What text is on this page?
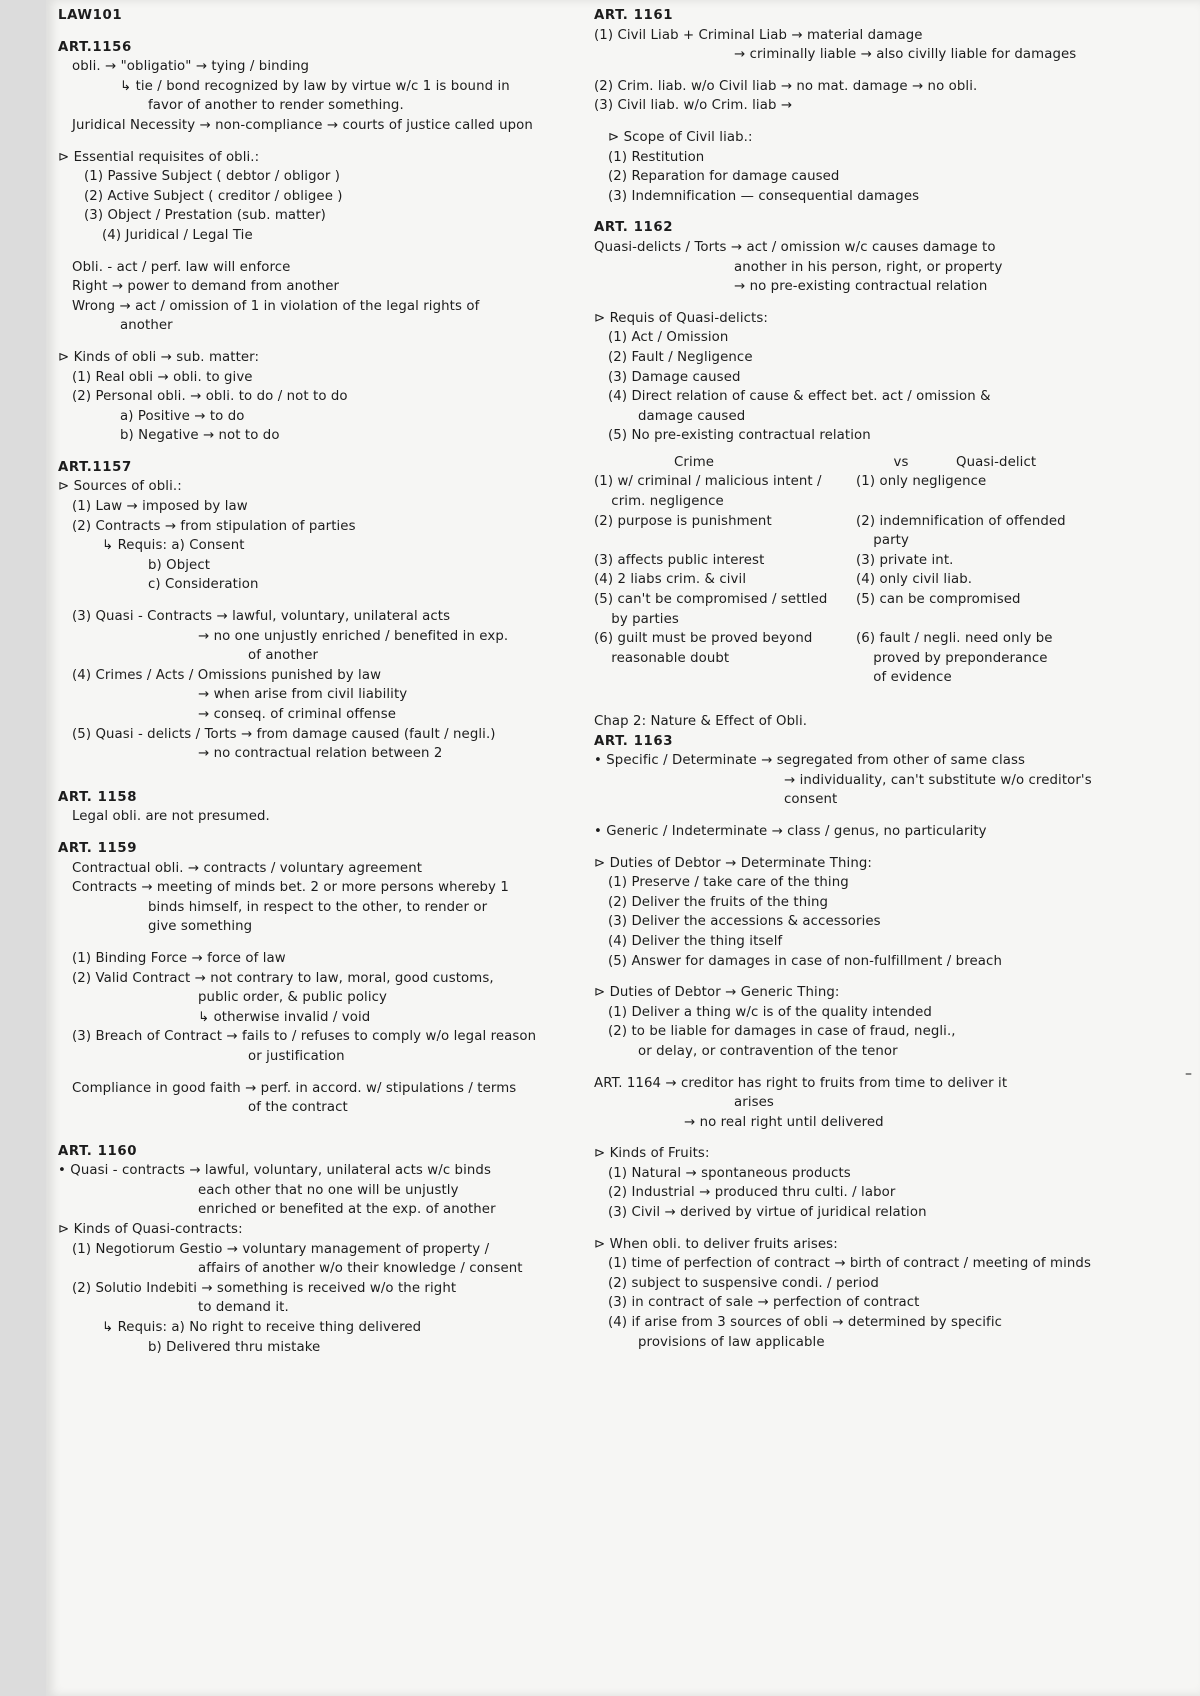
LAW101
ART.1156
obli. → "obligatio" → tying / binding
↳ tie / bond recognized by law by virtue w/c 1 is bound in
favor of another to render something.
Juridical Necessity → non-compliance → courts of justice called upon
⊳ Essential requisites of obli.:
(1) Passive Subject ( debtor / obligor )
(2) Active Subject ( creditor / obligee )
(3) Object / Prestation (sub. matter)
(4) Juridical / Legal Tie
Obli. - act / perf. law will enforce
Right → power to demand from another
Wrong → act / omission of 1 in violation of the legal rights of
another
⊳ Kinds of obli → sub. matter:
(1) Real obli → obli. to give
(2) Personal obli. → obli. to do / not to do
a) Positive → to do
b) Negative → not to do
ART.1157
⊳ Sources of obli.:
(1) Law → imposed by law
(2) Contracts → from stipulation of parties
↳ Requis: a) Consent
b) Object
c) Consideration
(3) Quasi - Contracts → lawful, voluntary, unilateral acts
→ no one unjustly enriched / benefited in exp.
of another
(4) Crimes / Acts / Omissions punished by law
→ when arise from civil liability
→ conseq. of criminal offense
(5) Quasi - delicts / Torts → from damage caused (fault / negli.)
→ no contractual relation between 2
ART. 1158
Legal obli. are not presumed.
ART. 1159
Contractual obli. → contracts / voluntary agreement
Contracts → meeting of minds bet. 2 or more persons whereby 1
binds himself, in respect to the other, to render or
give something
(1) Binding Force → force of law
(2) Valid Contract → not contrary to law, moral, good customs,
public order, & public policy
↳ otherwise invalid / void
(3) Breach of Contract → fails to / refuses to comply w/o legal reason
or justification
Compliance in good faith → perf. in accord. w/ stipulations / terms
of the contract
ART. 1160
• Quasi - contracts → lawful, voluntary, unilateral acts w/c binds
each other that no one will be unjustly
enriched or benefited at the exp. of another
⊳ Kinds of Quasi-contracts:
(1) Negotiorum Gestio → voluntary management of property /
affairs of another w/o their knowledge / consent
(2) Solutio Indebiti → something is received w/o the right
to demand it.
↳ Requis: a) No right to receive thing delivered
b) Delivered thru mistake
ART. 1161
(1) Civil Liab + Criminal Liab → material damage
→ criminally liable → also civilly liable for damages
(2) Crim. liab. w/o Civil liab → no mat. damage → no obli.
(3) Civil liab. w/o Crim. liab →
⊳ Scope of Civil liab.:
(1) Restitution
(2) Reparation for damage caused
(3) Indemnification — consequential damages
ART. 1162
Quasi-delicts / Torts → act / omission w/c causes damage to
another in his person, right, or property
→ no pre-existing contractual relation
⊳ Requis of Quasi-delicts:
(1) Act / Omission
(2) Fault / Negligence
(3) Damage caused
(4) Direct relation of cause & effect bet. act / omission &
damage caused
(5) No pre-existing contractual relation
Crime	vs	Quasi-delict
(1) w/ criminal / malicious intent /	(1) only negligence
crim. negligence
(2) purpose is punishment	(2) indemnification of offended
party
(3) affects public interest	(3) private int.
(4) 2 liabs crim. & civil	(4) only civil liab.
(5) can't be compromised / settled	(5) can be compromised
by parties
(6) guilt must be proved beyond	(6) fault / negli. need only be
reasonable doubt	proved by preponderance
of evidence
Chap 2: Nature & Effect of Obli.
ART. 1163
• Specific / Determinate → segregated from other of same class
→ individuality, can't substitute w/o creditor's
consent
• Generic / Indeterminate → class / genus, no particularity
⊳ Duties of Debtor → Determinate Thing:
(1) Preserve / take care of the thing
(2) Deliver the fruits of the thing
(3) Deliver the accessions & accessories
(4) Deliver the thing itself
(5) Answer for damages in case of non-fulfillment / breach
⊳ Duties of Debtor → Generic Thing:
(1) Deliver a thing w/c is of the quality intended
(2) to be liable for damages in case of fraud, negli.,
or delay, or contravention of the tenor
ART. 1164 → creditor has right to fruits from time to deliver it
arises
→ no real right until delivered
⊳ Kinds of Fruits:
(1) Natural → spontaneous products
(2) Industrial → produced thru culti. / labor
(3) Civil → derived by virtue of juridical relation
⊳ When obli. to deliver fruits arises:
(1) time of perfection of contract → birth of contract / meeting of minds
(2) subject to suspensive condi. / period
(3) in contract of sale → perfection of contract
(4) if arise from 3 sources of obli → determined by specific
provisions of law applicable
–
